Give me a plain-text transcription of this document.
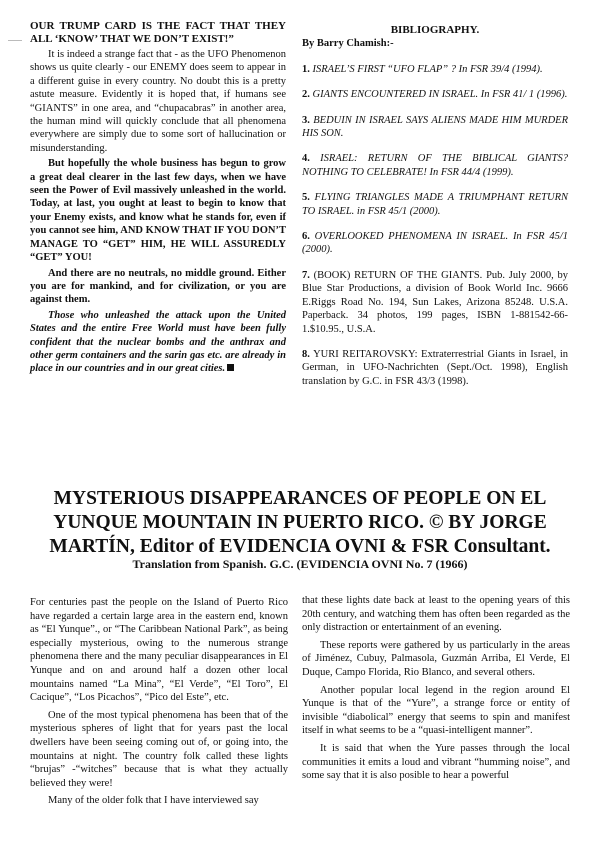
OUR TRUMP CARD IS THE FACT THAT THEY ALL ‘KNOW’ THAT WE DON’T EXIST!”

It is indeed a strange fact that - as the UFO Phenomenon shows us quite clearly - our ENEMY does seem to appear in a different guise in every country. No doubt this is a pretty astute measure. Evidently it is hoped that, if humans see “GIANTS” in one area, and “chupacabras” in another area, the human mind will quickly conclude that all phenomena everywhere are simply due to some sort of hallucination or misunderstanding.

But hopefully the whole business has begun to grow a great deal clearer in the last few days, when we have seen the Power of Evil massively unleashed in the world. Today, at last, you ought at least to begin to know that your Enemy exists, and know what he stands for, even if you cannot see him, AND KNOW THAT IF YOU DON’T MANAGE TO “GET” HIM, HE WILL ASSUREDLY “GET” YOU!

And there are no neutrals, no middle ground. Either you are for mankind, and for civilization, or you are against them.

Those who unleashed the attack upon the United States and the entire Free World must have been fully confident that the nuclear bombs and the anthrax and other germ containers and the sarin gas etc. are already in place in our countries and in our great cities.

BIBLIOGRAPHY.
By Barry Chamish:-
1. ISRAEL’S FIRST “UFO FLAP” ? In FSR 39/4 (1994).
2. GIANTS ENCOUNTERED IN ISRAEL. In FSR 41/ 1 (1996).
3. BEDUIN IN ISRAEL SAYS ALIENS MADE HIM MURDER HIS SON.
4. ISRAEL: RETURN OF THE BIBLICAL GIANTS? NOTHING TO CELEBRATE! In FSR 44/4 (1999).
5. FLYING TRIANGLES MADE A TRIUMPHANT RETURN TO ISRAEL. in FSR 45/1 (2000).
6. OVERLOOKED PHENOMENA IN ISRAEL. In FSR 45/1 (2000).
7. (BOOK) RETURN OF THE GIANTS. Pub. July 2000, by Blue Star Productions, a division of Book World Inc. 9666 E.Riggs Road No. 194, Sun Lakes, Arizona 85248. U.S.A. Paperback. 34 photos, 199 pages, ISBN 1-881542-66-1.$10.95., U.S.A.
8. YURI REITAROVSKY: Extraterrestrial Giants in Israel, in German, in UFO-Nachrichten (Sept./Oct. 1998), English translation by G.C. in FSR 43/3 (1998).
MYSTERIOUS DISAPPEARANCES OF PEOPLE ON EL YUNQUE MOUNTAIN IN PUERTO RICO. © BY JORGE MARTÍN, Editor of EVIDENCIA OVNI & FSR Consultant.
Translation from Spanish. G.C. (EVIDENCIA OVNI No. 7 (1966)

For centuries past the people on the Island of Puerto Rico have regarded a certain large area in the eastern end, known as “El Yunque”., or “The Caribbean National Park”, as being especially mysterious, owing to the numerous strange phenomena there and the many peculiar disappearances in El Yunque and on and around half a dozen other local mountains named “La Mina”, “El Verde”, “El Toro”, El Cacique”, “Los Picachos”, “Pico del Este”, etc.

One of the most typical phenomena has been that of the mysterious spheres of light that for years past the local dwellers have been seeing coming out of, or going into, the mountains at night. The country folk called these lights “brujas” -“witches” because that is what they actually believed they were!

Many of the older folk that I have interviewed say

that these lights date back at least to the opening years of this 20th century, and watching them has often been regarded as the only distraction or entertainment of an evening.

These reports were gathered by us particularly in the areas of Jiménez, Cubuy, Palmasola, Guzmán Arriba, El Verde, El Duque, Campo Florida, Rio Blanco, and several others.

Another popular local legend in the region around El Yunque is that of the “Yure”, a strange force or entity of invisible “diabolical” energy that seems to spin and manifest itself in what seems to be a “quasi-intelligent manner”.

It is said that when the Yure passes through the local communities it emits a loud and vibrant “humming noise”, and some say that it is also posible to hear a powerful
